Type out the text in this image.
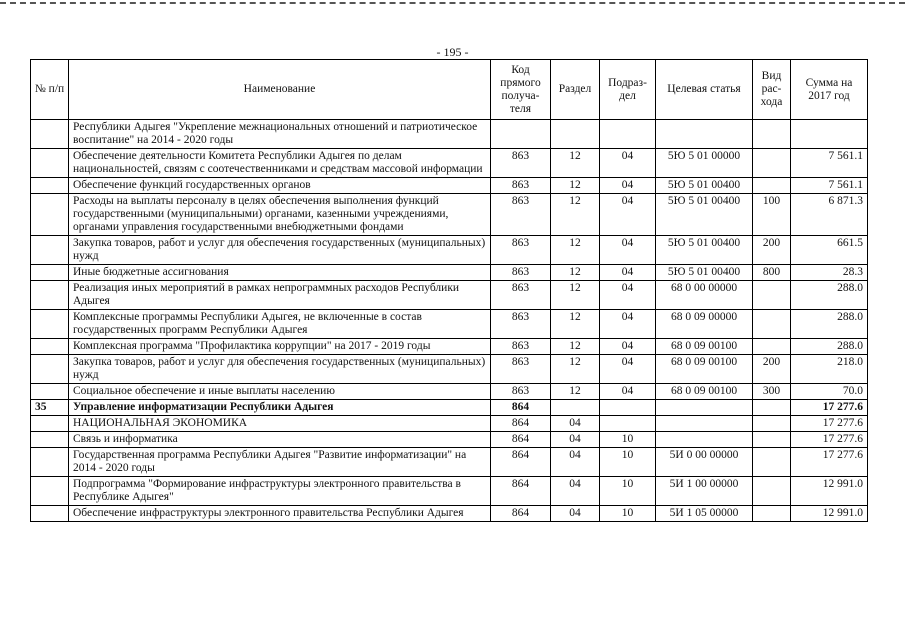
- 195 -
№ п/п	Наименование	Код прямого получа-теля	Раздел	Подраз-дел	Целевая статья	Вид рас-хода	Сумма на 2017 год
	Республики Адыгея "Укрепление межнациональных отношений и патриотическое воспитание" на 2014 - 2020 годы						
	Обеспечение деятельности Комитета Республики Адыгея по делам национальностей, связям с соотечественниками и средствам массовой информации	863	12	04	5Ю 5 01 00000		7 561.1
	Обеспечение функций государственных органов	863	12	04	5Ю 5 01 00400		7 561.1
	Расходы на выплаты персоналу в целях обеспечения выполнения функций государственными (муниципальными) органами, казенными учреждениями, органами управления государственными внебюджетными фондами	863	12	04	5Ю 5 01 00400	100	6 871.3
	Закупка товаров, работ и услуг для обеспечения государственных (муниципальных) нужд	863	12	04	5Ю 5 01 00400	200	661.5
	Иные бюджетные ассигнования	863	12	04	5Ю 5 01 00400	800	28.3
	Реализация иных мероприятий в рамках непрограммных расходов Республики Адыгея	863	12	04	68 0 00 00000		288.0
	Комплексные программы Республики Адыгея, не включенные в состав государственных программ Республики Адыгея	863	12	04	68 0 09 00000		288.0
	Комплексная программа "Профилактика коррупции" на 2017 - 2019 годы	863	12	04	68 0 09 00100		288.0
	Закупка товаров, работ и услуг для обеспечения государственных (муниципальных) нужд	863	12	04	68 0 09 00100	200	218.0
	Социальное обеспечение и иные выплаты населению	863	12	04	68 0 09 00100	300	70.0
35	Управление информатизации Республики Адыгея	864					17 277.6
	НАЦИОНАЛЬНАЯ ЭКОНОМИКА	864	04				17 277.6
	Связь и информатика	864	04	10			17 277.6
	Государственная программа Республики Адыгея "Развитие информатизации" на 2014 - 2020 годы	864	04	10	5И 0 00 00000		17 277.6
	Подпрограмма "Формирование инфраструктуры электронного правительства в Республике Адыгея"	864	04	10	5И 1 00 00000		12 991.0
	Обеспечение инфраструктуры электронного правительства Республики Адыгея	864	04	10	5И 1 05 00000		12 991.0
